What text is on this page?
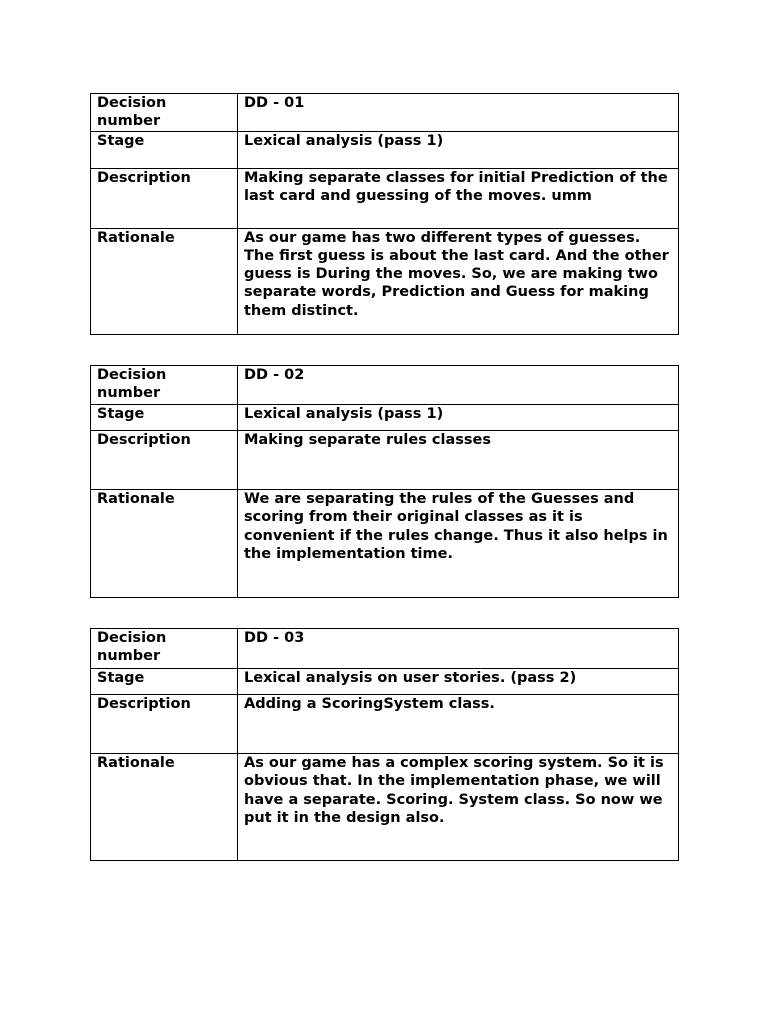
Decision number	DD - 01
Stage	Lexical analysis (pass 1)
Description	Making separate classes for initial Prediction of the last card and guessing of the moves. umm
Rationale	As our game has two different types of guesses. The first guess is about the last card. And the other guess is During the moves. So, we are making two separate words, Prediction and Guess for making them distinct.
Decision number	DD - 02
Stage	Lexical analysis (pass 1)
Description	Making separate rules classes
Rationale	We are separating the rules of the Guesses and scoring from their original classes as it is convenient if the rules change. Thus it also helps in the implementation time.
Decision number	DD - 03
Stage	Lexical analysis on user stories. (pass 2)
Description	Adding a ScoringSystem class.
Rationale	As our game has a complex scoring system. So it is obvious that. In the implementation phase, we will have a separate. Scoring. System class. So now we put it in the design also.
